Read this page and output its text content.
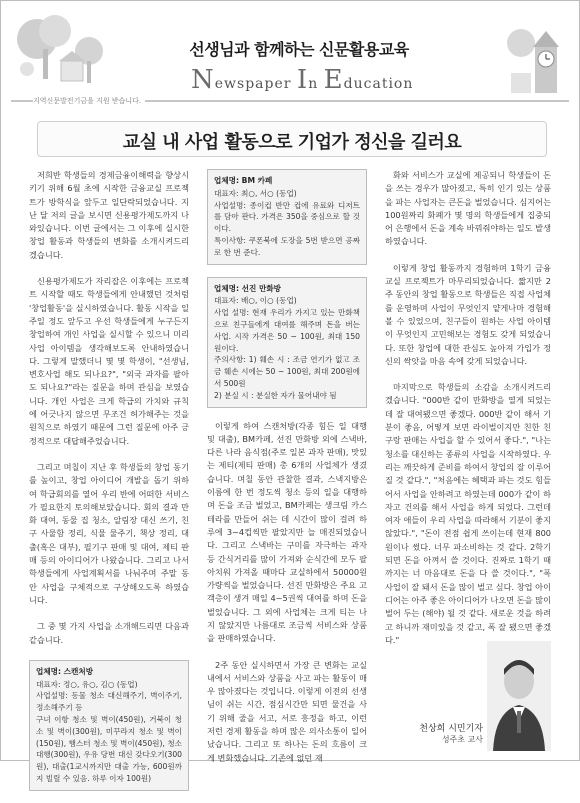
선생님과 함께하는 신문활용교육
Newspaper In Education
지역신문발전기금을 지원 받습니다.
교실 내 사업 활동으로 기업가 정신을 길러요

저희반 학생들의 경제금융이해력을 향상시키기 위해 6월 초에 시작한 금융교실 프로젝트가 방학식을 앞두고 일단락되었습니다. 지난 달 저의 글을 보시면 신용평가제도까지 나와있습니다. 이번 글에서는 그 이후에 실시한 창업 활동과 학생들의 변화를 소개시켜드리겠습니다.

신용평가제도가 자리잡은 이후에는 프로젝트 시작할 때도 학생들에게 안내했던 것처럼 '창업활동'을 실시하였습니다. 활동 시작을 일주일 정도 앞두고 우선 학생들에게 누구든지 창업하여 개인 사업을 실시할 수 있으니 미리 사업 아이템을 생각해보도록 안내하였습니다. 그렇게 말했더니 몇 몇 학생이, "선생님, 변호사업 해도 되나요?", "외국 과자를 팔아도 되나요?"라는 질문을 하며 관심을 보였습니다. 개인 사업은 크게 학급의 가치와 규칙에 어긋나지 않으면 무조건 허가해주는 것을 원칙으로 하였기 때문에 그런 질문에 아주 긍정적으로 대답해주었습니다.

그리고 며칠이 지난 후 학생들의 창업 동기를 높이고, 창업 아이디어 개발을 돕기 위하여 학급회의를 열어 우리 반에 어떠한 서비스가 필요한지 토의해보았습니다. 회의 결과 만화 대여, 동물 집 청소, 알림장 대신 쓰기, 친구 사물함 정리, 식물 물주기, 책상 정리, 대출(혹은 대부), 필기구 판매 및 대여, 제티 판매 등의 아이디어가 나왔습니다. 그리고 나서 학생들에게 사업계획서를 나눠주며 주말 동안 사업을 구체적으로 구상해오도록 하였습니다.

그 중 몇 가지 사업을 소개해드리면 다음과 같습니다.

업체명: 스캔처방
대표자: 정○, 유○, 김○ (동업)
사업설명: 동물 청소 대신해주기, 벽이주기, 정소해주기 등
구녀 이항 청소 및 벽이(450원), 거북이 청소 및 벽이(300원), 미꾸라지 청소 및 벽이(150원), 햄스터 청소 및 벽이(450원), 청소 대행(300원), 우유 당번 대신 갖다오기(300원), 대출(1교시까지만 대출 가능, 600원까지 빌릴 수 있음. 하루 이자 100원)
업체명: BM 카페
대표자: 최○, 서○ (동업)
사업설명: 종이컵 반만 컵에 유료와 디저트를 담아 판다. 가격은 350을 중심으로 할 것이다.
특이사항: 쿠폰북에 도장을 5번 받으면 공짜로 한 번 준다.
업체명: 선진 만화방
대표자: 배○, 이○ (동업)
사업 설명: 현재 우리가 가지고 있는 만화책으로 친구들에게 대여를 해주며 돈을 버는 사업. 시작 가격은 50 ~ 100원, 최대 150원이다.
주의사항: 1) 훼손 시 : 조금 연기가 없고 조금 훼손 시에는 50 ~ 100원, 최대 200원에서 500원
2) 분실 시 : 분실한 자가 물어내야 됨

이렇게 하여 스캔처방(각종 힘든 일 대행 및 대출), BM카페, 선진 만화방 외에 스낵바, 다른 나라 음식점(주로 일본 과자 판매), 맛있는 제티(제티 판매) 총 6개의 사업체가 생겼습니다. 며칠 동안 관찰한 결과, 스낵지방은 이름에 한 번 정도씩 청소 등의 일을 대행하며 돈을 조금 벌었고, BM카페는 생크림 카스테라를 만들어 쉬는 데 시간이 많이 걸려 하루에 3~4컵씩만 팔았지만 늘 매진되었습니다. 그리고 스낵바는 구미를 자극하는 과자 등 간식거리를 많이 가져와 순식간에 모두 팔아치워 가져올 때마다 교실하에서 50000원 가량씩을 벌었습니다. 선진 만화방은 주요 고객층이 생겨 매일 4~5권씩 대여를 하며 돈을 벌었습니다. 그 외에 사업체는 크게 티는 나지 않았지만 나름대로 조금씩 서비스와 상품을 판매하였습니다.

2주 동안 실시하면서 가장 큰 변화는 교실 내에서 서비스와 상품을 사고 파는 활동이 매우 많아졌다는 것입니다. 이렇게 이전의 선생님이 쉬는 시간, 점심시간만 되면 물건을 사기 위해 줄을 서고, 서로 흥정을 하고, 이런 저런 경제 활동을 하며 많은 의사소통이 일어났습니다. 그리고 또 하나는 돈의 흐름이 크게 변화했습니다. 기존에 없던 재

화와 서비스가 교실에 제공되니 학생들이 돈을 쓰는 경우가 많아졌고, 특히 인기 있는 상품을 파는 사업자는 큰돈을 벌었습니다. 심지어는 100원짜리 화폐가 몇 명의 학생들에게 집중되어 은행에서 돈을 계속 바꿔줘야하는 일도 발생하였습니다.

이렇게 창업 활동까지 경험하며 1학기 금융교실 프로젝트가 마무리되었습니다. 짧지만 2주 동안의 창업 활동으로 학생들은 직접 사업체를 운영하며 사업이 무엇인지 얕게나마 경험해볼 수 있었으며, 친구들이 원하는 사업 아이템이 무엇인지 고민해보는 경험도 갖게 되었습니다. 또한 창업에 대한 관심도 높아져 가입가 정신의 싹앗을 마음 속에 갖게 되었습니다.

마지막으로 학생들의 소감을 소개시켜드리겠습니다. "000반 같이 만화방을 열게 되었는데 잘 대여됐으면 좋겠다. 000반 같이 해서 기분이 좋음, 어떻게 보면 라이벌이지만 친한 친구랑 판매는 사업을 할 수 있어서 좋다.", "나는 청소를 대신하는 종류의 사업을 시작하였다. 우리는 깨끗하게 준비를 하여서 창업의 잘 이루어 질 것 같다.", "처음에는 혜택과 파는 것도 힘들어서 사업을 안하려고 하였는데 000가 같이 하자고 건의를 해서 사업을 하게 되었다. 그런데 여자 애들이 우리 사업을 따라해서 기분이 좋지 않았다.", "돈이 전점 쉽게 쓰이는데 현재 800원이나 썼다. 너무 파소비하는 것 같다. 2학기 되면 돈을 아껴서 쓸 것이다. 진짜로 1학기 때까지는 너 마음대로 돈을 다 쓸 것이다.", "폭 사업이 잘 돼서 돈을 많이 벌고 싶다. 창업 아이디어는 아주 좋은 아이디어가 나오면 돈을 많이 벌어 두는 (해야) 될 것 같다. 새로운 것을 하려고 하니까 재미있을 것 같고, 폭 잘 됐으면 좋겠다."

천상희 시민기자
성주초 교사
